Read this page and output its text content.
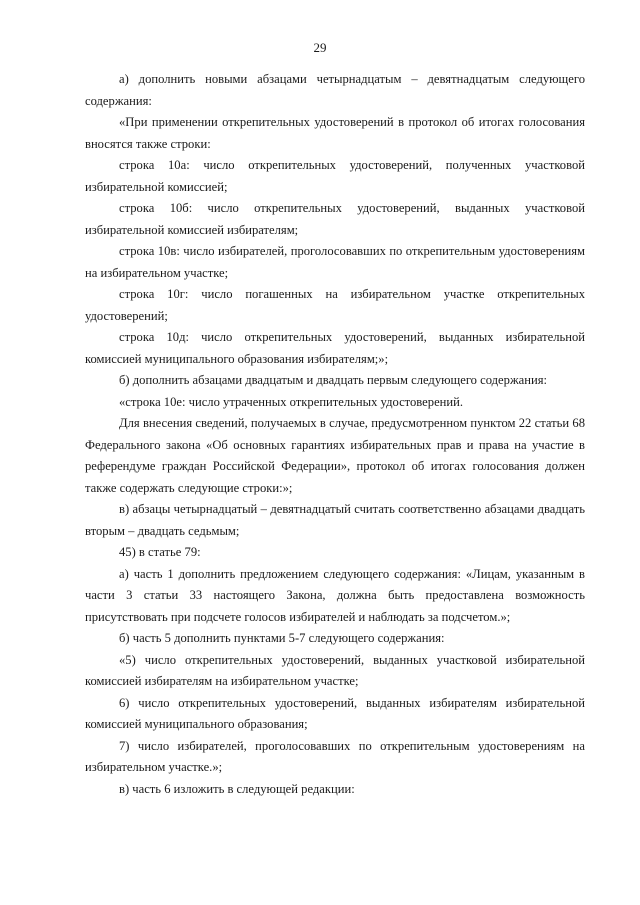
29

а) дополнить новыми абзацами четырнадцатым – девятнадцатым следующего содержания:

«При применении открепительных удостоверений в протокол об итогах голосования вносятся также строки:

строка 10а: число открепительных удостоверений, полученных участковой избирательной комиссией;

строка 10б: число открепительных удостоверений, выданных участковой избирательной комиссией избирателям;

строка 10в: число избирателей, проголосовавших по открепительным удостоверениям на избирательном участке;

строка 10г: число погашенных на избирательном участке открепительных удостоверений;

строка 10д: число открепительных удостоверений, выданных избирательной комиссией муниципального образования избирателям;»;

б) дополнить абзацами двадцатым и двадцать первым следующего содержания:

«строка 10е: число утраченных открепительных удостоверений.

Для внесения сведений, получаемых в случае, предусмотренном пунктом 22 статьи 68 Федерального закона «Об основных гарантиях избирательных прав и права на участие в референдуме граждан Российской Федерации», протокол об итогах голосования должен также содержать следующие строки:»;

в) абзацы четырнадцатый – девятнадцатый считать соответственно абзацами двадцать вторым – двадцать седьмым;

45) в статье 79:

а) часть 1 дополнить предложением следующего содержания: «Лицам, указанным в части 3 статьи 33 настоящего Закона, должна быть предоставлена возможность присутствовать при подсчете голосов избирателей и наблюдать за подсчетом.»;

б) часть 5 дополнить пунктами 5-7 следующего содержания:

«5) число открепительных удостоверений, выданных участковой избирательной комиссией избирателям на избирательном участке;

6) число открепительных удостоверений, выданных избирателям избирательной комиссией муниципального образования;

7) число избирателей, проголосовавших по открепительным удостоверениям на избирательном участке.»;

в) часть 6 изложить в следующей редакции:
